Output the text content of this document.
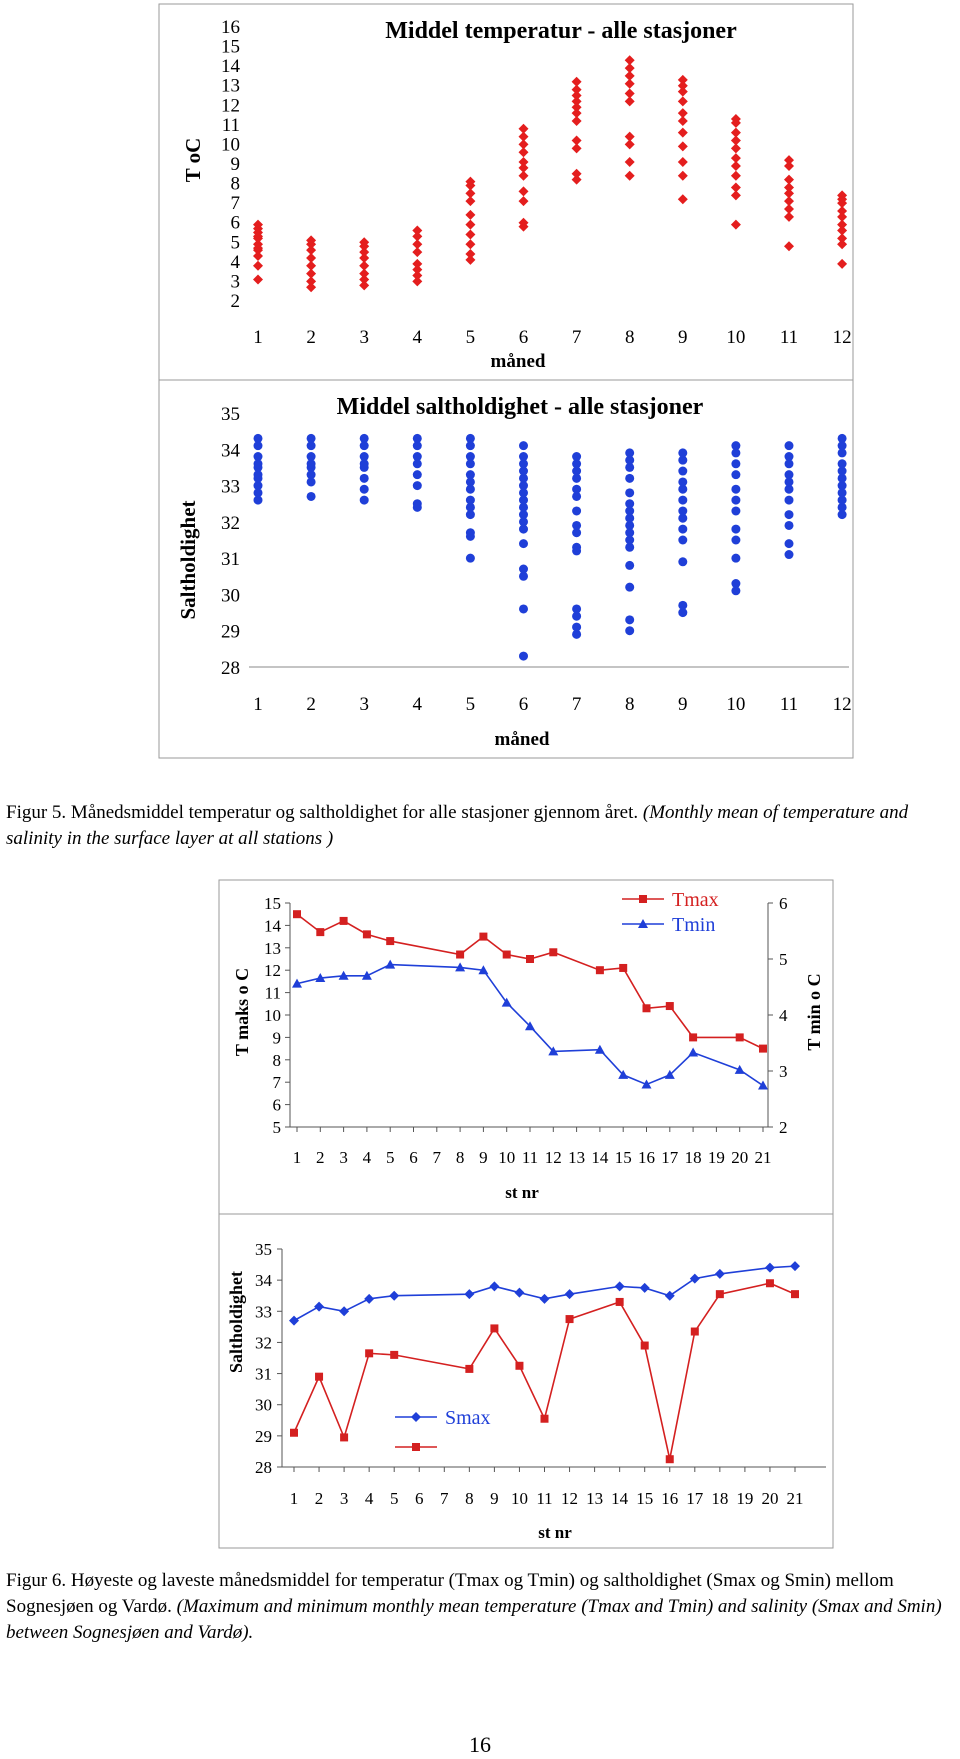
2
3
4
5
6
7
8
9
10
11
12
13
14
15
16
1 2 3 4 5 6 7 8 9 10 11 12
Middel temperatur - alle stasjoner
måned
T oC
28
29
30
31
32
33
34
35
1 2 3 4 5 6 7 8 9 10 11 12
Middel saltholdighet - alle stasjoner
måned
Saltholdighet
5
6
7
8
9
10
11
12
13
14
15
2
3
4
5
6
1 2 3 4 5 6 7 8 9 10 11 12 13 14 15 16 17 18 19 20 21
st nr
T maks o C	T min o C
Tmax
Tmin
28
29
30
31
32
33
34
35
1 2 3 4 5 6 7 8 9 10 11 12 13 14 15 16 17 18 19 20 21
st nr
Saltholdighet
Smax
Figur 5. Månedsmiddel temperatur og saltholdighet for alle stasjoner gjennom året. (Monthly mean of temperature and salinity in the surface layer at all stations )
Figur 6. Høyeste og laveste månedsmiddel for temperatur (Tmax og Tmin) og saltholdighet (Smax og Smin) mellom Sognesjøen og Vardø. (Maximum and minimum monthly mean temperature (Tmax and Tmin) and salinity (Smax and Smin) between Sognesjøen and Vardø).
16
